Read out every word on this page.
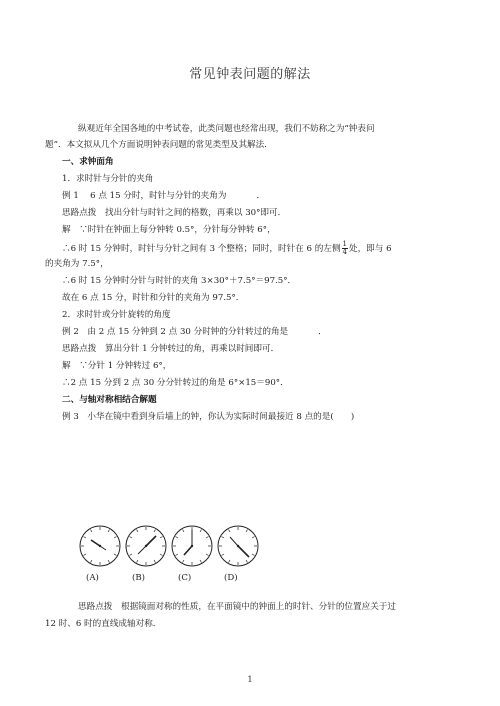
常见钟表问题的解法
纵观近年全国各地的中考试卷，此类问题也经常出现，我们不妨称之为“钟表问
题”．本文拟从几个方面说明钟表问题的常见类型及其解法．
一、求钟面角
1．求时针与分针的夹角
例 1　 6 点 15 分时，时针与分针的夹角为	．
思路点拨　找出分针与时针之间的格数，再乘以 30°即可．
解　∵时针在钟面上每分钟转 0.5°，分针每分钟转 6°，
∴6 时 15 分钟时，时针与分针之间有 3 个整格；同时，时针在 6 的左侧 $\frac{1}{4}$ 处，即与 6
的夹角为 7.5°，
∴6 时 15 分钟时分针与时针的夹角 3×30°＋7.5°＝97.5°．
故在 6 点 15 分，时针和分针的夹角为 97.5°．
2．求时针或分针旋转的角度
例 2　由 2 点 15 分钟到 2 点 30 分时钟的分针转过的角是	．
思路点拨　算出分针 1 分钟转过的角，再乘以时间即可．
解　∵分针 1 分钟转过 6°，
∴2 点 15 分到 2 点 30 分分针转过的角是 6°×15＝90°．
二、与轴对称相结合解题
例 3　小华在镜中看到身后墙上的钟，你认为实际时间最接近 8 点的是(　　)
(A)	(B)	(C)	(D)
思路点拨　根据镜面对称的性质，在平面镜中的钟面上的时针、分针的位置应关于过
12 时、6 时的直线成轴对称．
1
